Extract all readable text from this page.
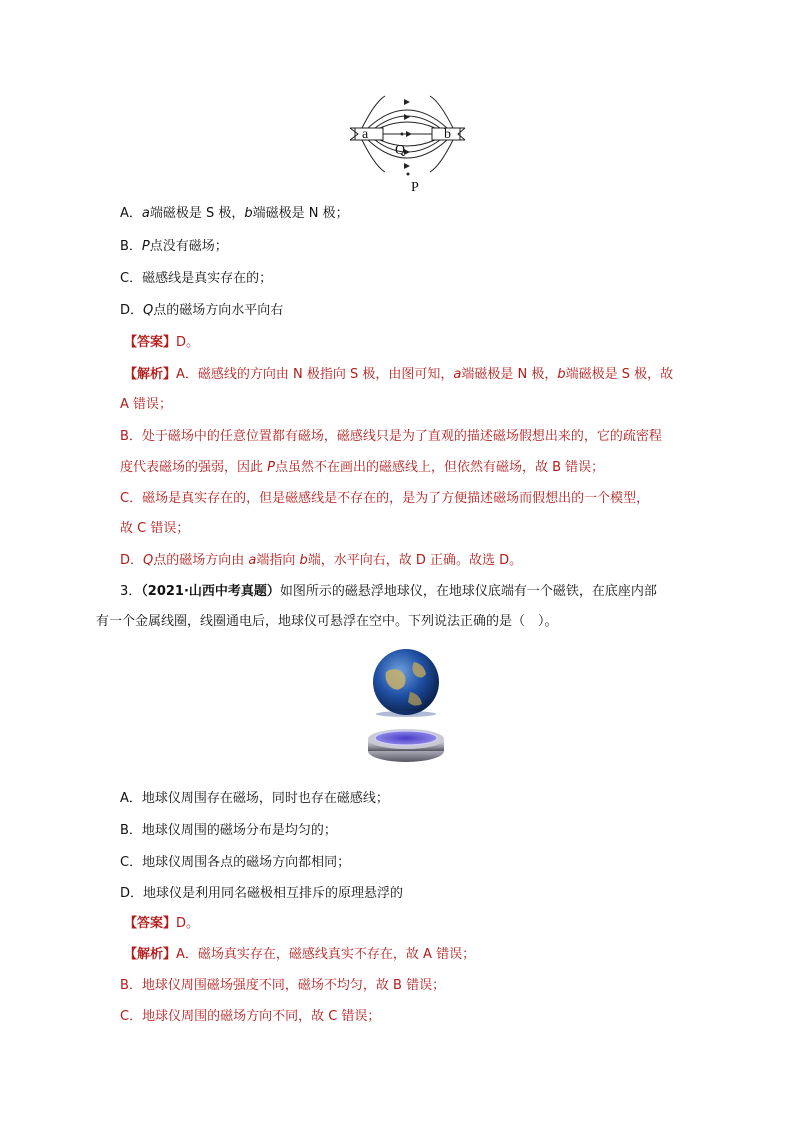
a	b
Q
P
A．a端磁极是 S 极，b端磁极是 N 极；
B．P点没有磁场；
C．磁感线是真实存在的；
D．Q点的磁场方向水平向右
【答案】D。
【解析】A．磁感线的方向由 N 极指向 S 极，由图可知，a端磁极是 N 极，b端磁极是 S 极，故
A 错误；
B．处于磁场中的任意位置都有磁场，磁感线只是为了直观的描述磁场假想出来的，它的疏密程
度代表磁场的强弱，因此 P点虽然不在画出的磁感线上，但依然有磁场，故 B 错误；
C．磁场是真实存在的，但是磁感线是不存在的，是为了方便描述磁场而假想出的一个模型，
故 C 错误；
D．Q点的磁场方向由 a端指向 b端，水平向右，故 D 正确。故选 D。
3．（2021·山西中考真题）如图所示的磁悬浮地球仪，在地球仪底端有一个磁铁，在底座内部
有一个金属线圈，线圈通电后，地球仪可悬浮在空中。下列说法正确的是（　）。
A．地球仪周围存在磁场，同时也存在磁感线；
B．地球仪周围的磁场分布是均匀的；
C．地球仪周围各点的磁场方向都相同；
D．地球仪是利用同名磁极相互排斥的原理悬浮的
【答案】D。
【解析】A．磁场真实存在，磁感线真实不存在，故 A 错误；
B．地球仪周围磁场强度不同，磁场不均匀，故 B 错误；
C．地球仪周围的磁场方向不同，故 C 错误；
